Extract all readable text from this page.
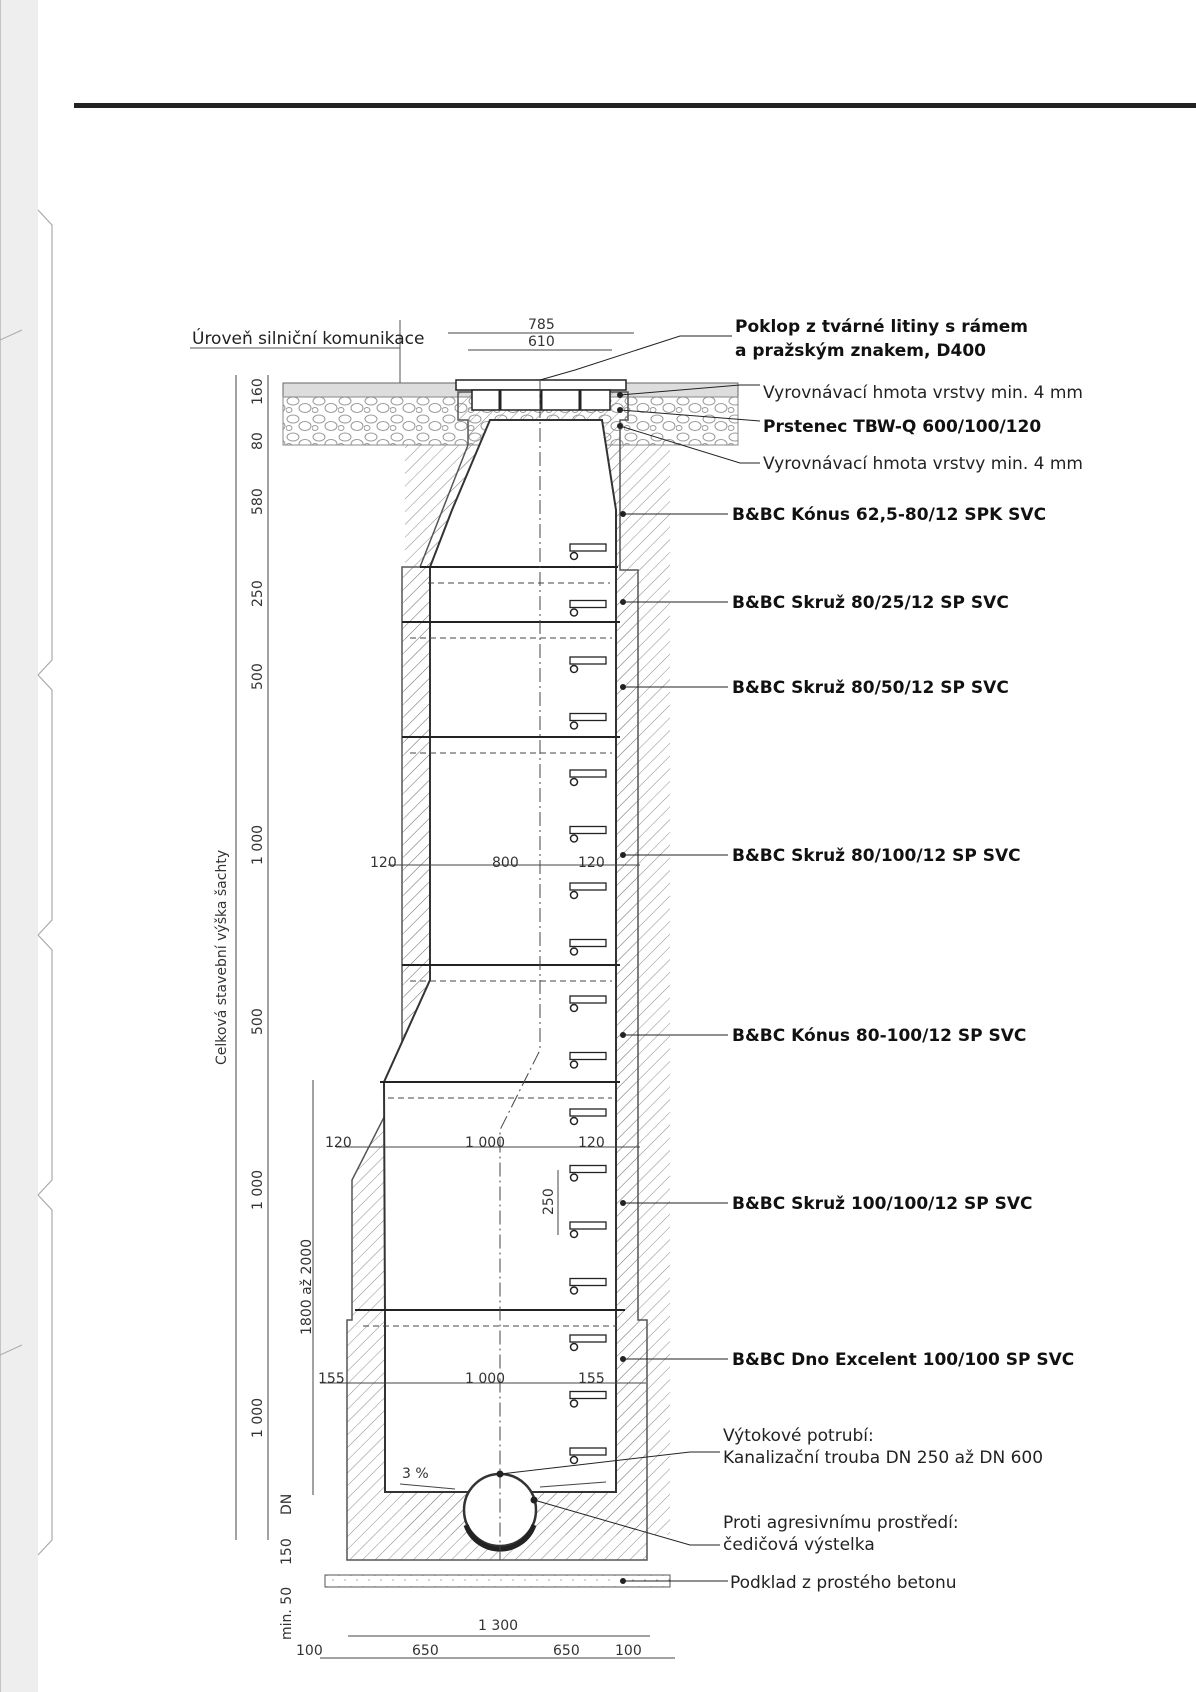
Úroveň silniční komunikace
785
610
Celková stavební výška šachty
160
80
580
250
500
1 000
500
1 000
1 000
DN
150
min. 50
1800 až 2000
120	800	120
120	1 000	120
155	1 000	155
250
3 %
1 300
100	650	650	100
Poklop z tvárné litiny s rámem
a pražským znakem, D400
Vyrovnávací hmota vrstvy min. 4 mm
Prstenec TBW-Q 600/100/120
Vyrovnávací hmota vrstvy min. 4 mm
B&BC Kónus 62,5-80/12 SPK SVC
B&BC Skruž 80/25/12 SP SVC
B&BC Skruž 80/50/12 SP SVC
B&BC Skruž 80/100/12 SP SVC
B&BC Kónus 80-100/12 SP SVC
B&BC Skruž 100/100/12 SP SVC
B&BC Dno Excelent 100/100 SP SVC
Výtokové potrubí:
Kanalizační trouba DN 250 až DN 600
Proti agresivnímu prostředí:
čedičová výstelka
Podklad z prostého betonu
